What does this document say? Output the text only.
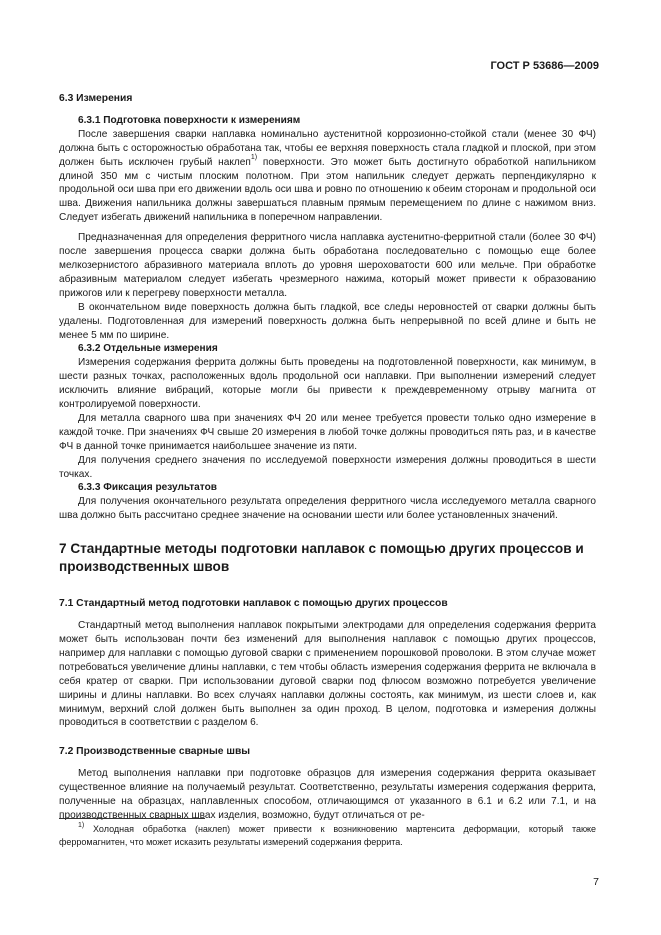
ГОСТ Р 53686—2009
6.3 Измерения
6.3.1 Подготовка поверхности к измерениям

После завершения сварки наплавка номинально аустенитной коррозионно-стойкой стали (менее 30 ФЧ) должна быть с осторожностью обработана так, чтобы ее верхняя поверхность стала гладкой и плоской, при этом должен быть исключен грубый наклеп$^{1)}$ поверхности. Это может быть достигнуто обработкой напильником длиной 350 мм с чистым плоским полотном. При этом напильник следует держать перпендикулярно к продольной оси шва при его движении вдоль оси шва и ровно по отношению к обеим сторонам и продольной оси шва. Движения напильника должны завершаться плавным прямым перемещением по длине с нажимом вниз. Следует избегать движений напильника в поперечном направлении.

Предназначенная для определения ферритного числа наплавка аустенитно-ферритной стали (более 30 ФЧ) после завершения процесса сварки должна быть обработана последовательно с помощью еще более мелкозернистого абразивного материала вплоть до уровня шероховатости 600 или мельче. При обработке абразивным материалом следует избегать чрезмерного нажима, который может привести к образованию прижогов или к перегреву поверхности металла.

В окончательном виде поверхность должна быть гладкой, все следы неровностей от сварки должны быть удалены. Подготовленная для измерений поверхность должна быть непрерывной по всей длине и быть не менее 5 мм по ширине.

6.3.2 Отдельные измерения

Измерения содержания феррита должны быть проведены на подготовленной поверхности, как минимум, в шести разных точках, расположенных вдоль продольной оси наплавки. При выполнении измерений следует исключить влияние вибраций, которые могли бы привести к преждевременному отрыву магнита от контролируемой поверхности.

Для металла сварного шва при значениях ФЧ 20 или менее требуется провести только одно измерение в каждой точке. При значениях ФЧ свыше 20 измерения в любой точке должны проводиться пять раз, и в качестве ФЧ в данной точке принимается наибольшее значение из пяти.

Для получения среднего значения по исследуемой поверхности измерения должны проводиться в шести точках.

6.3.3 Фиксация результатов

Для получения окончательного результата определения ферритного числа исследуемого металла сварного шва должно быть рассчитано среднее значение на основании шести или более установленных значений.

7 Стандартные методы подготовки наплавок с помощью других процессов и производственных швов
7.1 Стандартный метод подготовки наплавок с помощью других процессов

Стандартный метод выполнения наплавок покрытыми электродами для определения содержания феррита может быть использован почти без изменений для выполнения наплавок с помощью других процессов, например для наплавки с помощью дуговой сварки с применением порошковой проволоки. В этом случае может потребоваться увеличение длины наплавки, с тем чтобы область измерения содержания феррита не включала в себя кратер от сварки. При использовании дуговой сварки под флюсом возможно потребуется увеличение ширины и длины наплавки. Во всех случаях наплавки должны состоять, как минимум, из шести слоев и, как минимум, верхний слой должен быть выполнен за один проход. В целом, подготовка и измерения должны проводиться в соответствии с разделом 6.

7.2 Производственные сварные швы

Метод выполнения наплавки при подготовке образцов для измерения содержания феррита оказывает существенное влияние на получаемый результат. Соответственно, результаты измерения содержания феррита, полученные на образцах, наплавленных способом, отличающимся от указанного в 6.1 и 6.2 или 7.1, и на производственных сварных швах изделия, возможно, будут отличаться от ре-

$^{1)}$ Холодная обработка (наклеп) может привести к возникновению мартенсита деформации, который также ферромагнитен, что может исказить результаты измерений содержания феррита.

7
